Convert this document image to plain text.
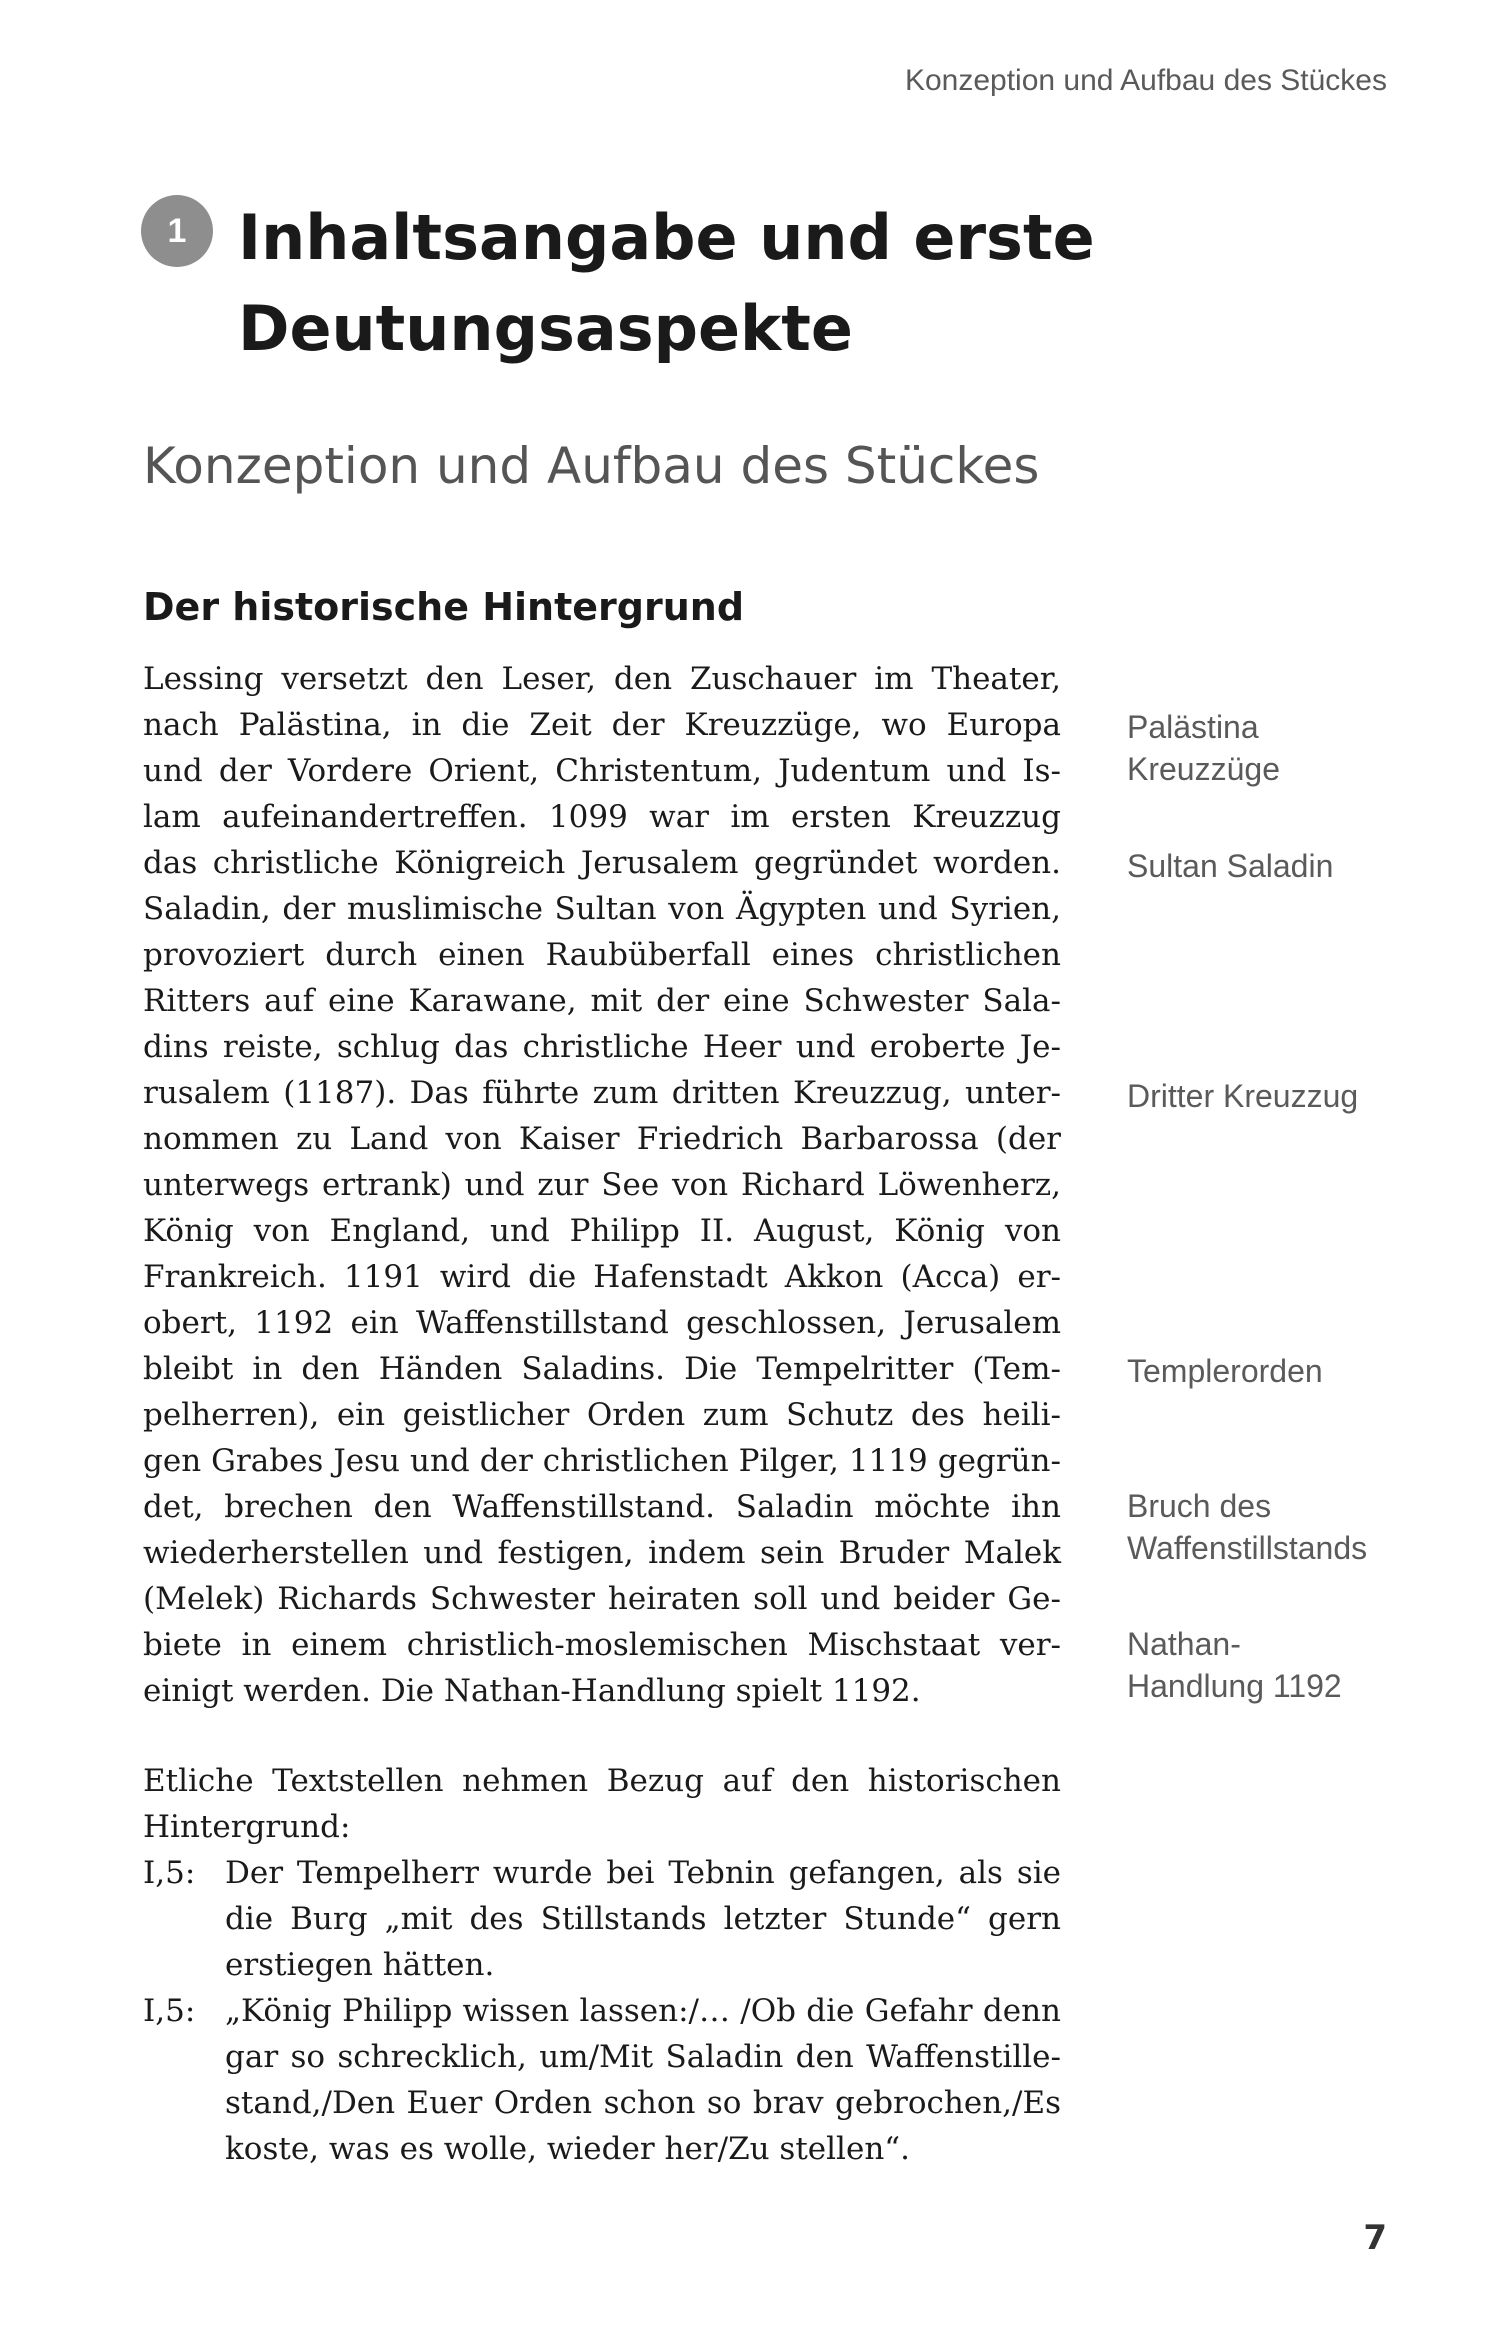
Konzeption und Aufbau des Stückes
1 Inhaltsangabe und erste
Deutungsaspekte
Konzeption und Aufbau des Stückes
Der historische Hintergrund
Lessing versetzt den Leser, den Zuschauer im Theater,
nach Palästina, in die Zeit der Kreuzzüge, wo Europa
und der Vordere Orient, Christentum, Judentum und Is-
lam aufeinandertreffen. 1099 war im ersten Kreuzzug
das christliche Königreich Jerusalem gegründet worden.
Saladin, der muslimische Sultan von Ägypten und Syrien,
provoziert durch einen Raubüberfall eines christlichen
Ritters auf eine Karawane, mit der eine Schwester Sala-
dins reiste, schlug das christliche Heer und eroberte Je-
rusalem (1187). Das führte zum dritten Kreuzzug, unter-
nommen zu Land von Kaiser Friedrich Barbarossa (der
unterwegs ertrank) und zur See von Richard Löwenherz,
König von England, und Philipp II. August, König von
Frankreich. 1191 wird die Hafenstadt Akkon (Acca) er-
obert, 1192 ein Waffenstillstand geschlossen, Jerusalem
bleibt in den Händen Saladins. Die Tempelritter (Tem-
pelherren), ein geistlicher Orden zum Schutz des heili-
gen Grabes Jesu und der christlichen Pilger, 1119 gegrün-
det, brechen den Waffenstillstand. Saladin möchte ihn
wiederherstellen und festigen, indem sein Bruder Malek
(Melek) Richards Schwester heiraten soll und beider Ge-
biete in einem christlich-moslemischen Mischstaat ver-
einigt werden. Die Nathan-Handlung spielt 1192.
Palästina
Kreuzzüge
Sultan Saladin
Dritter Kreuzzug
Templerorden
Bruch des
Waffenstillstands
Nathan-
Handlung 1192
Etliche Textstellen nehmen Bezug auf den historischen
Hintergrund:
I,5: Der Tempelherr wurde bei Tebnin gefangen, als sie
die Burg „mit des Stillstands letzter Stunde“ gern
erstiegen hätten.
I,5: „König Philipp wissen lassen:/… /Ob die Gefahr denn
gar so schrecklich, um/Mit Saladin den Waffenstille-
stand,/Den Euer Orden schon so brav gebrochen,/Es
koste, was es wolle, wieder her/Zu stellen“.
7
